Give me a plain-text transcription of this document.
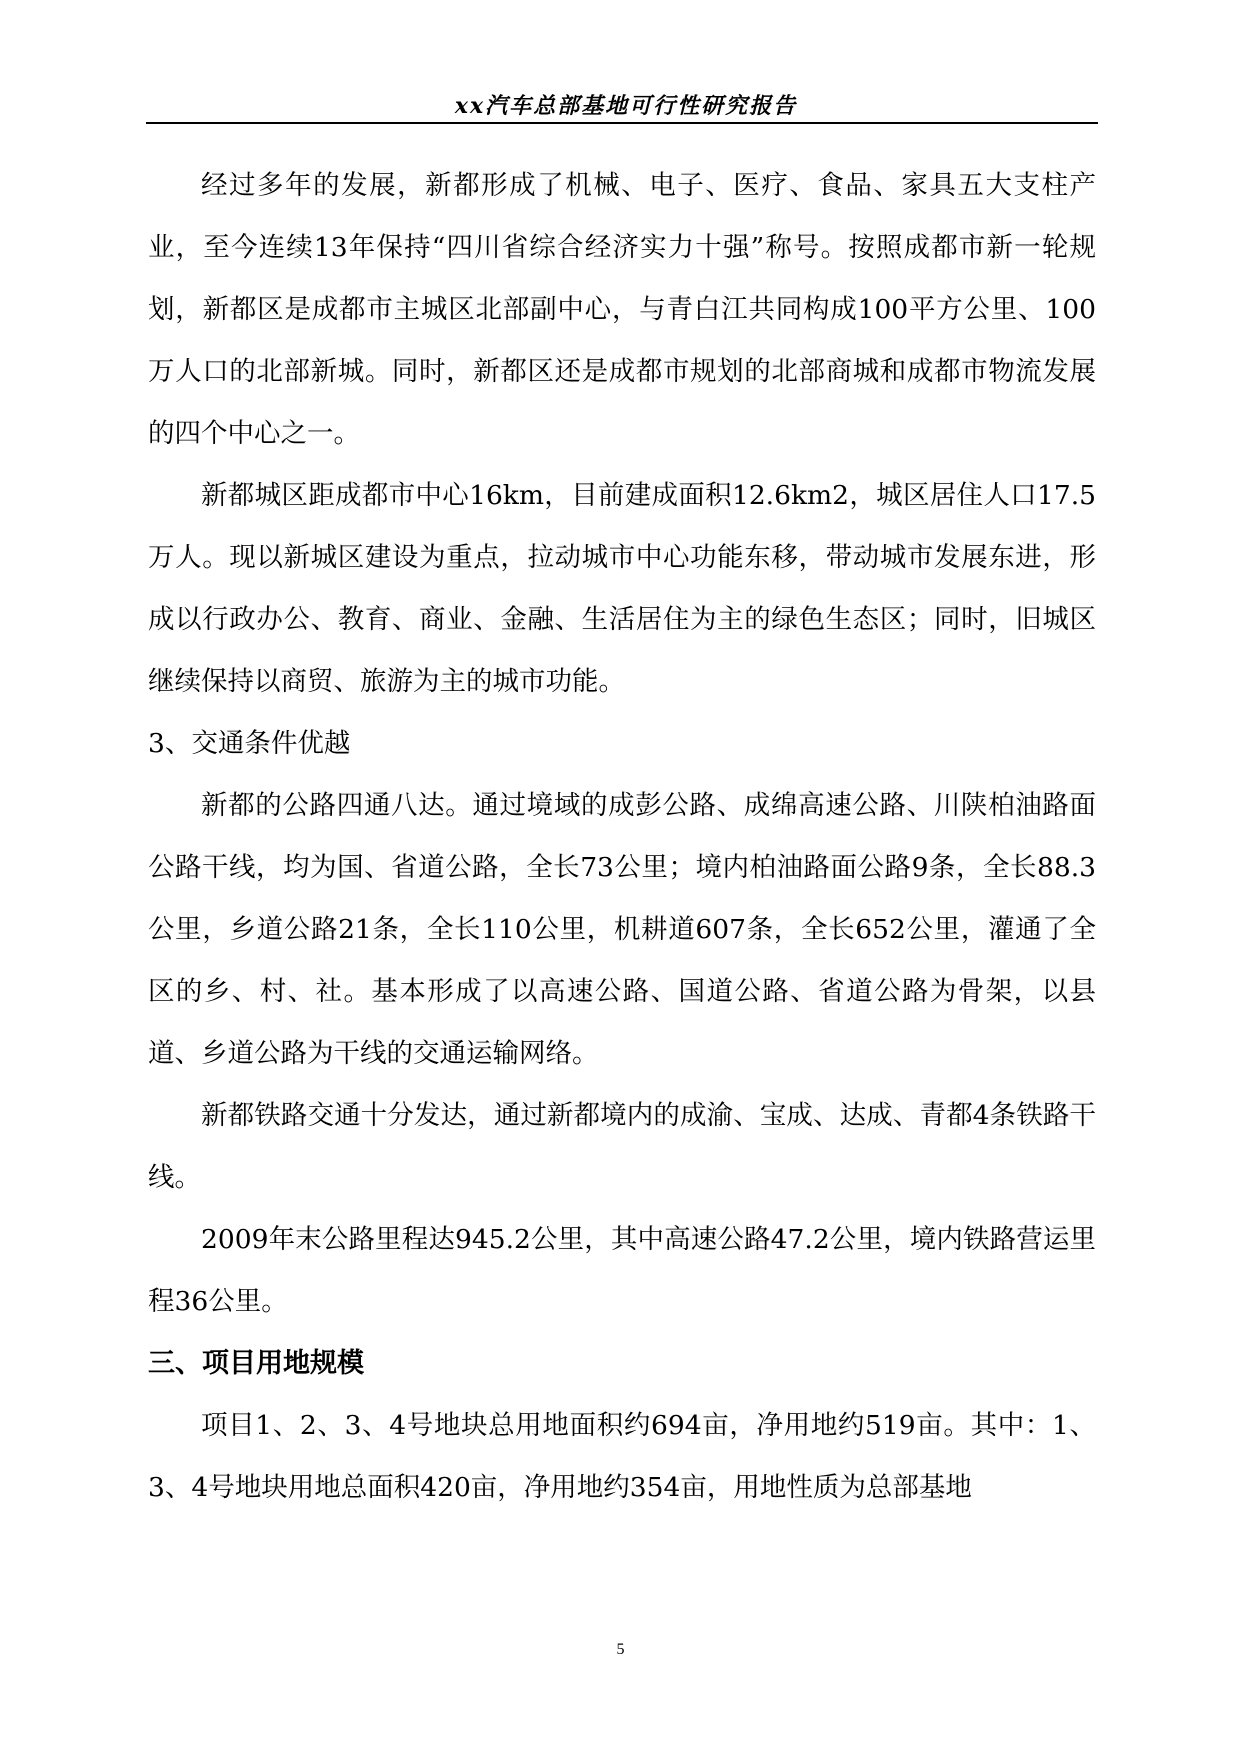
xx汽车总部基地可行性研究报告

经过多年的发展，新都形成了机械、电子、医疗、食品、家具五大支柱产业，至今连续13年保持“四川省综合经济实力十强”称号。按照成都市新一轮规划，新都区是成都市主城区北部副中心，与青白江共同构成100平方公里、100万人口的北部新城。同时，新都区还是成都市规划的北部商城和成都市物流发展的四个中心之一。

新都城区距成都市中心16km，目前建成面积12.6km2，城区居住人口17.5万人。现以新城区建设为重点，拉动城市中心功能东移，带动城市发展东进，形成以行政办公、教育、商业、金融、生活居住为主的绿色生态区；同时，旧城区继续保持以商贸、旅游为主的城市功能。

3、交通条件优越

新都的公路四通八达。通过境域的成彭公路、成绵高速公路、川陕柏油路面公路干线，均为国、省道公路，全长73公里；境内柏油路面公路9条，全长88.3公里，乡道公路21条，全长110公里，机耕道607条，全长652公里，灌通了全区的乡、村、社。基本形成了以高速公路、国道公路、省道公路为骨架，以县道、乡道公路为干线的交通运输网络。

新都铁路交通十分发达，通过新都境内的成渝、宝成、达成、青都4条铁路干线。

2009年末公路里程达945.2公里，其中高速公路47.2公里，境内铁路营运里程36公里。

三、项目用地规模

项目1、2、3、4号地块总用地面积约694亩，净用地约519亩。其中：1、3、4号地块用地总面积420亩，净用地约354亩，用地性质为总部基地

5
